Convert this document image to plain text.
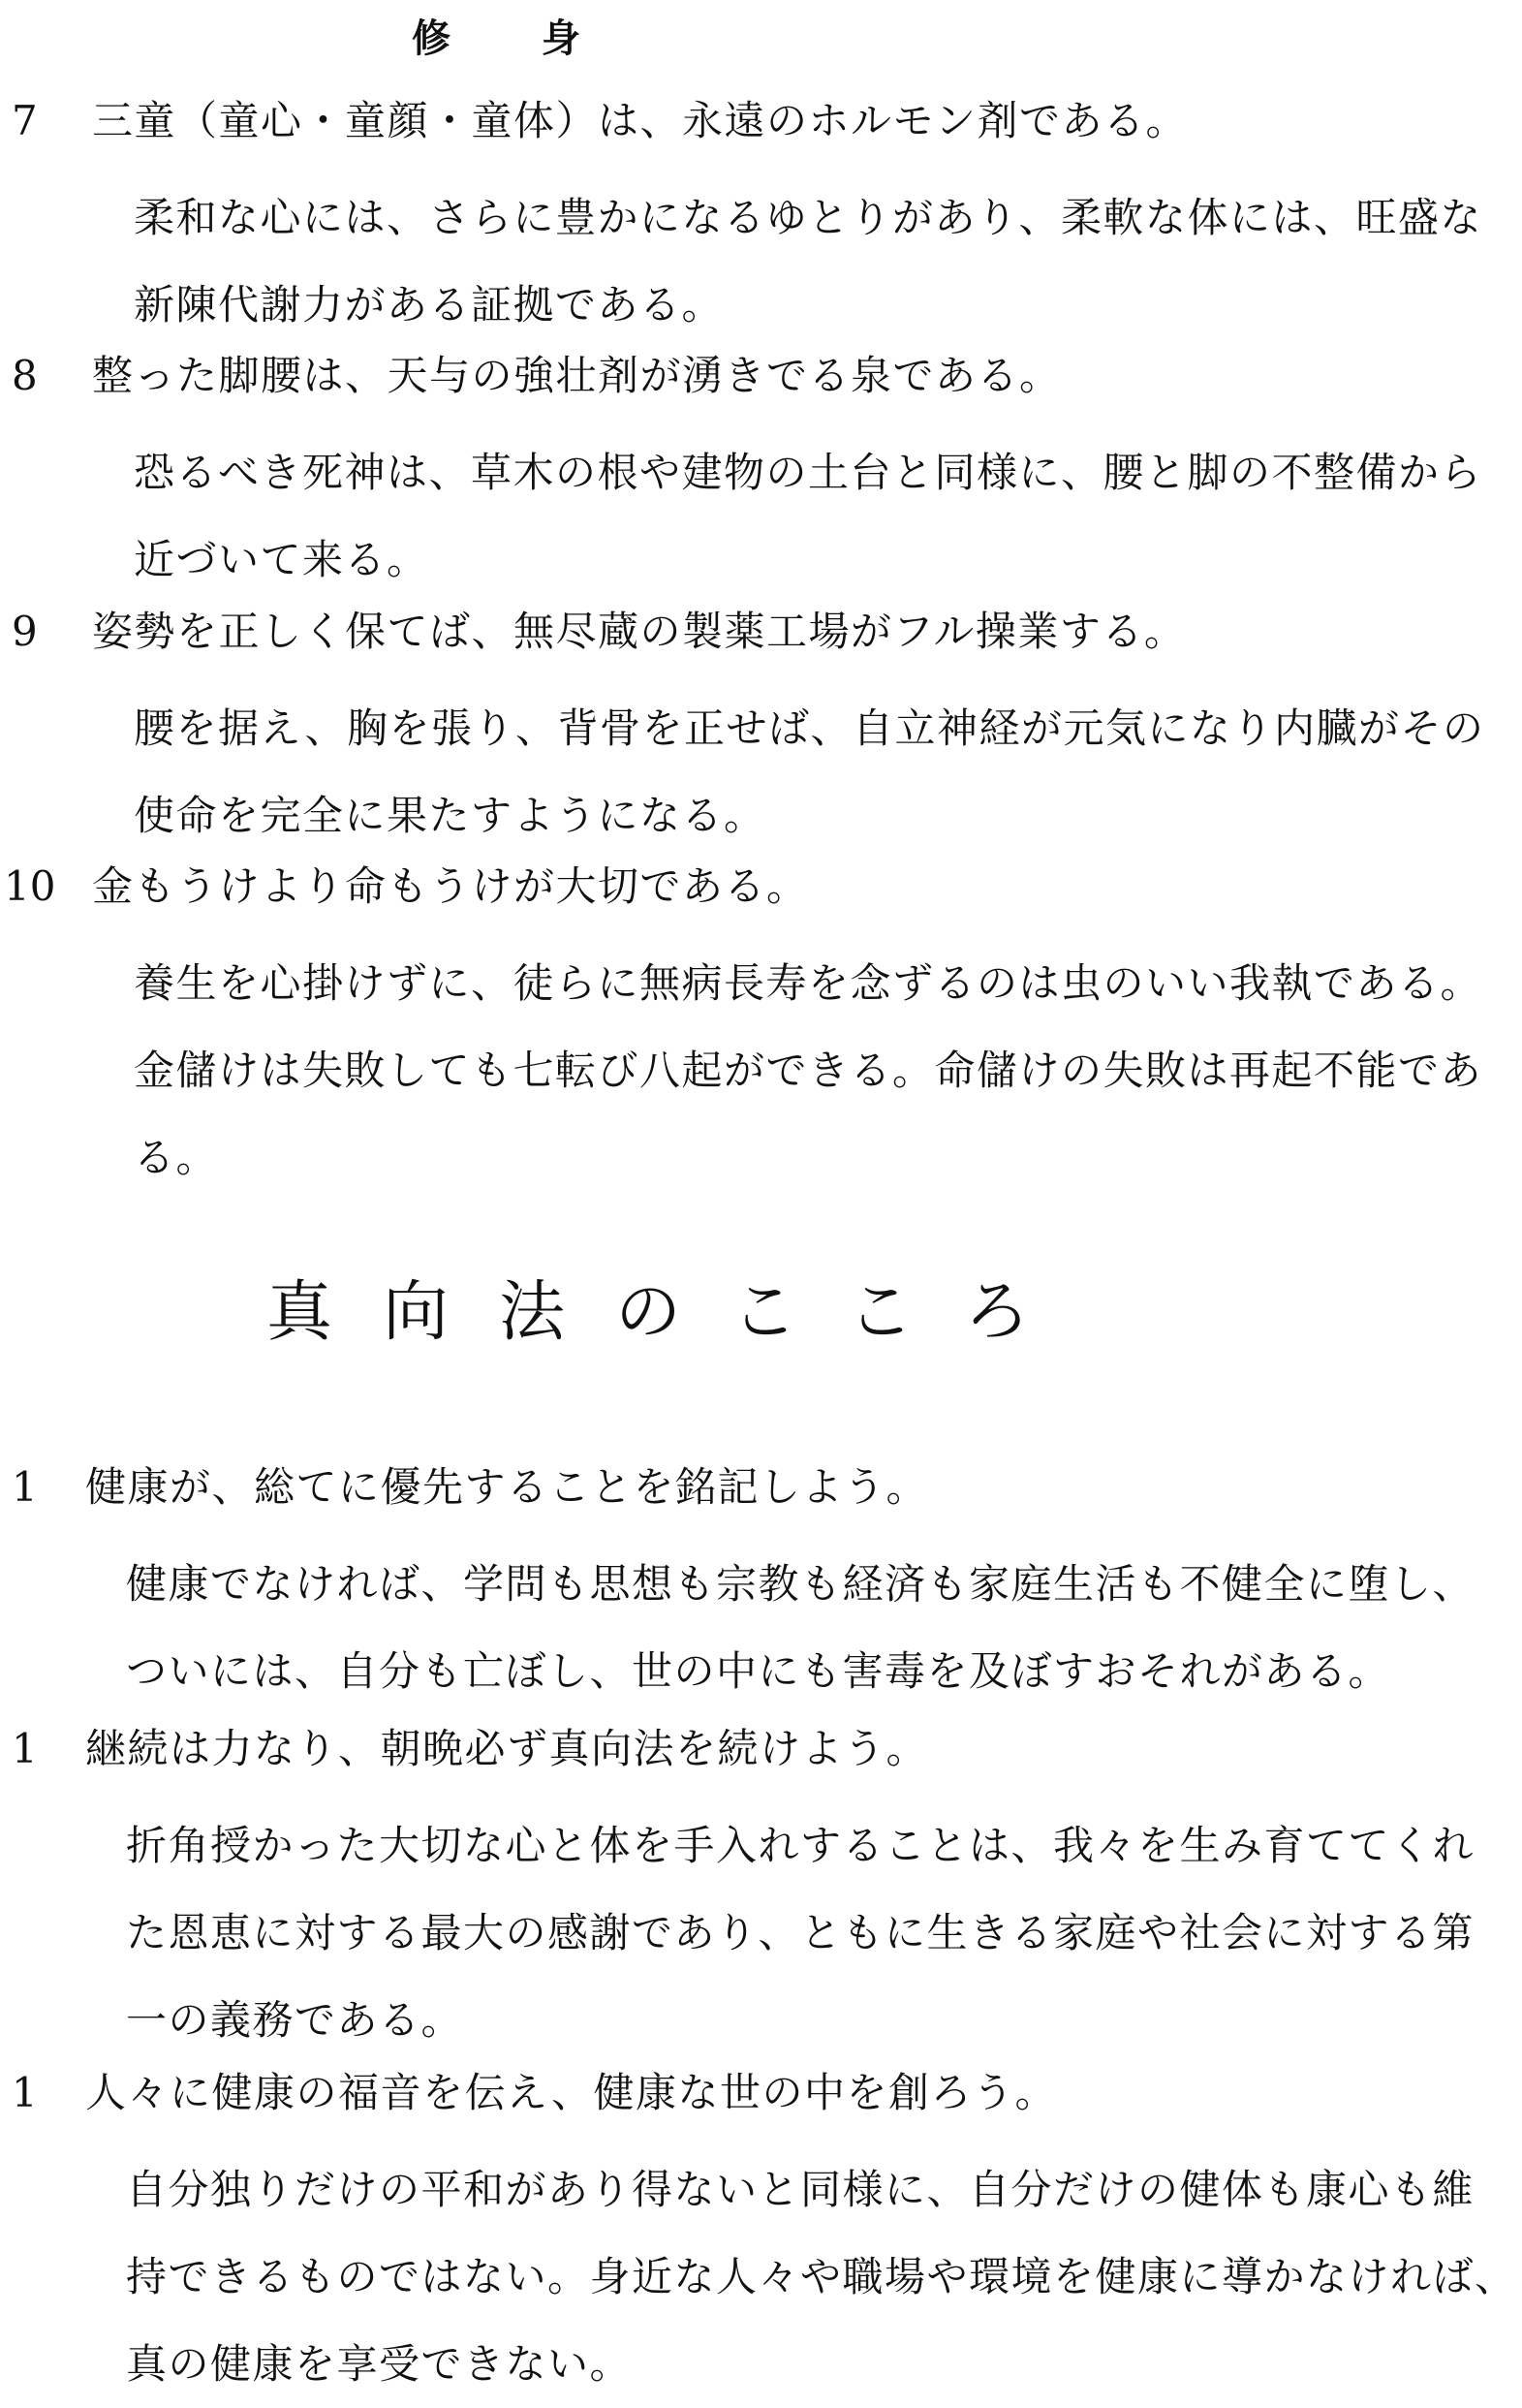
修 身
7 三童（童心・童顔・童体）は、永遠のホルモン剤である。
柔和な心には、さらに豊かになるゆとりがあり、柔軟な体には、旺盛な
新陳代謝力がある証拠である。
8 整った脚腰は、天与の強壮剤が湧きでる泉である。
恐るべき死神は、草木の根や建物の土台と同様に、腰と脚の不整備から
近づいて来る。
9 姿勢を正しく保てば、無尽蔵の製薬工場がフル操業する。
腰を据え、胸を張り、背骨を正せば、自立神経が元気になり内臓がその
使命を完全に果たすようになる。
10 金もうけより命もうけが大切である。
養生を心掛けずに、徒らに無病長寿を念ずるのは虫のいい我執である。
金儲けは失敗しても七転び八起ができる。命儲けの失敗は再起不能であ
る。
真向法のこころ
1 健康が、総てに優先することを銘記しよう。
健康でなければ、学問も思想も宗教も経済も家庭生活も不健全に堕し、
ついには、自分も亡ぼし、世の中にも害毒を及ぼすおそれがある。
1 継続は力なり、朝晩必ず真向法を続けよう。
折角授かった大切な心と体を手入れすることは、我々を生み育ててくれ
た恩恵に対する最大の感謝であり、ともに生きる家庭や社会に対する第
一の義務である。
1 人々に健康の福音を伝え、健康な世の中を創ろう。
自分独りだけの平和があり得ないと同様に、自分だけの健体も康心も維
持できるものではない。身近な人々や職場や環境を健康に導かなければ、
真の健康を享受できない。
